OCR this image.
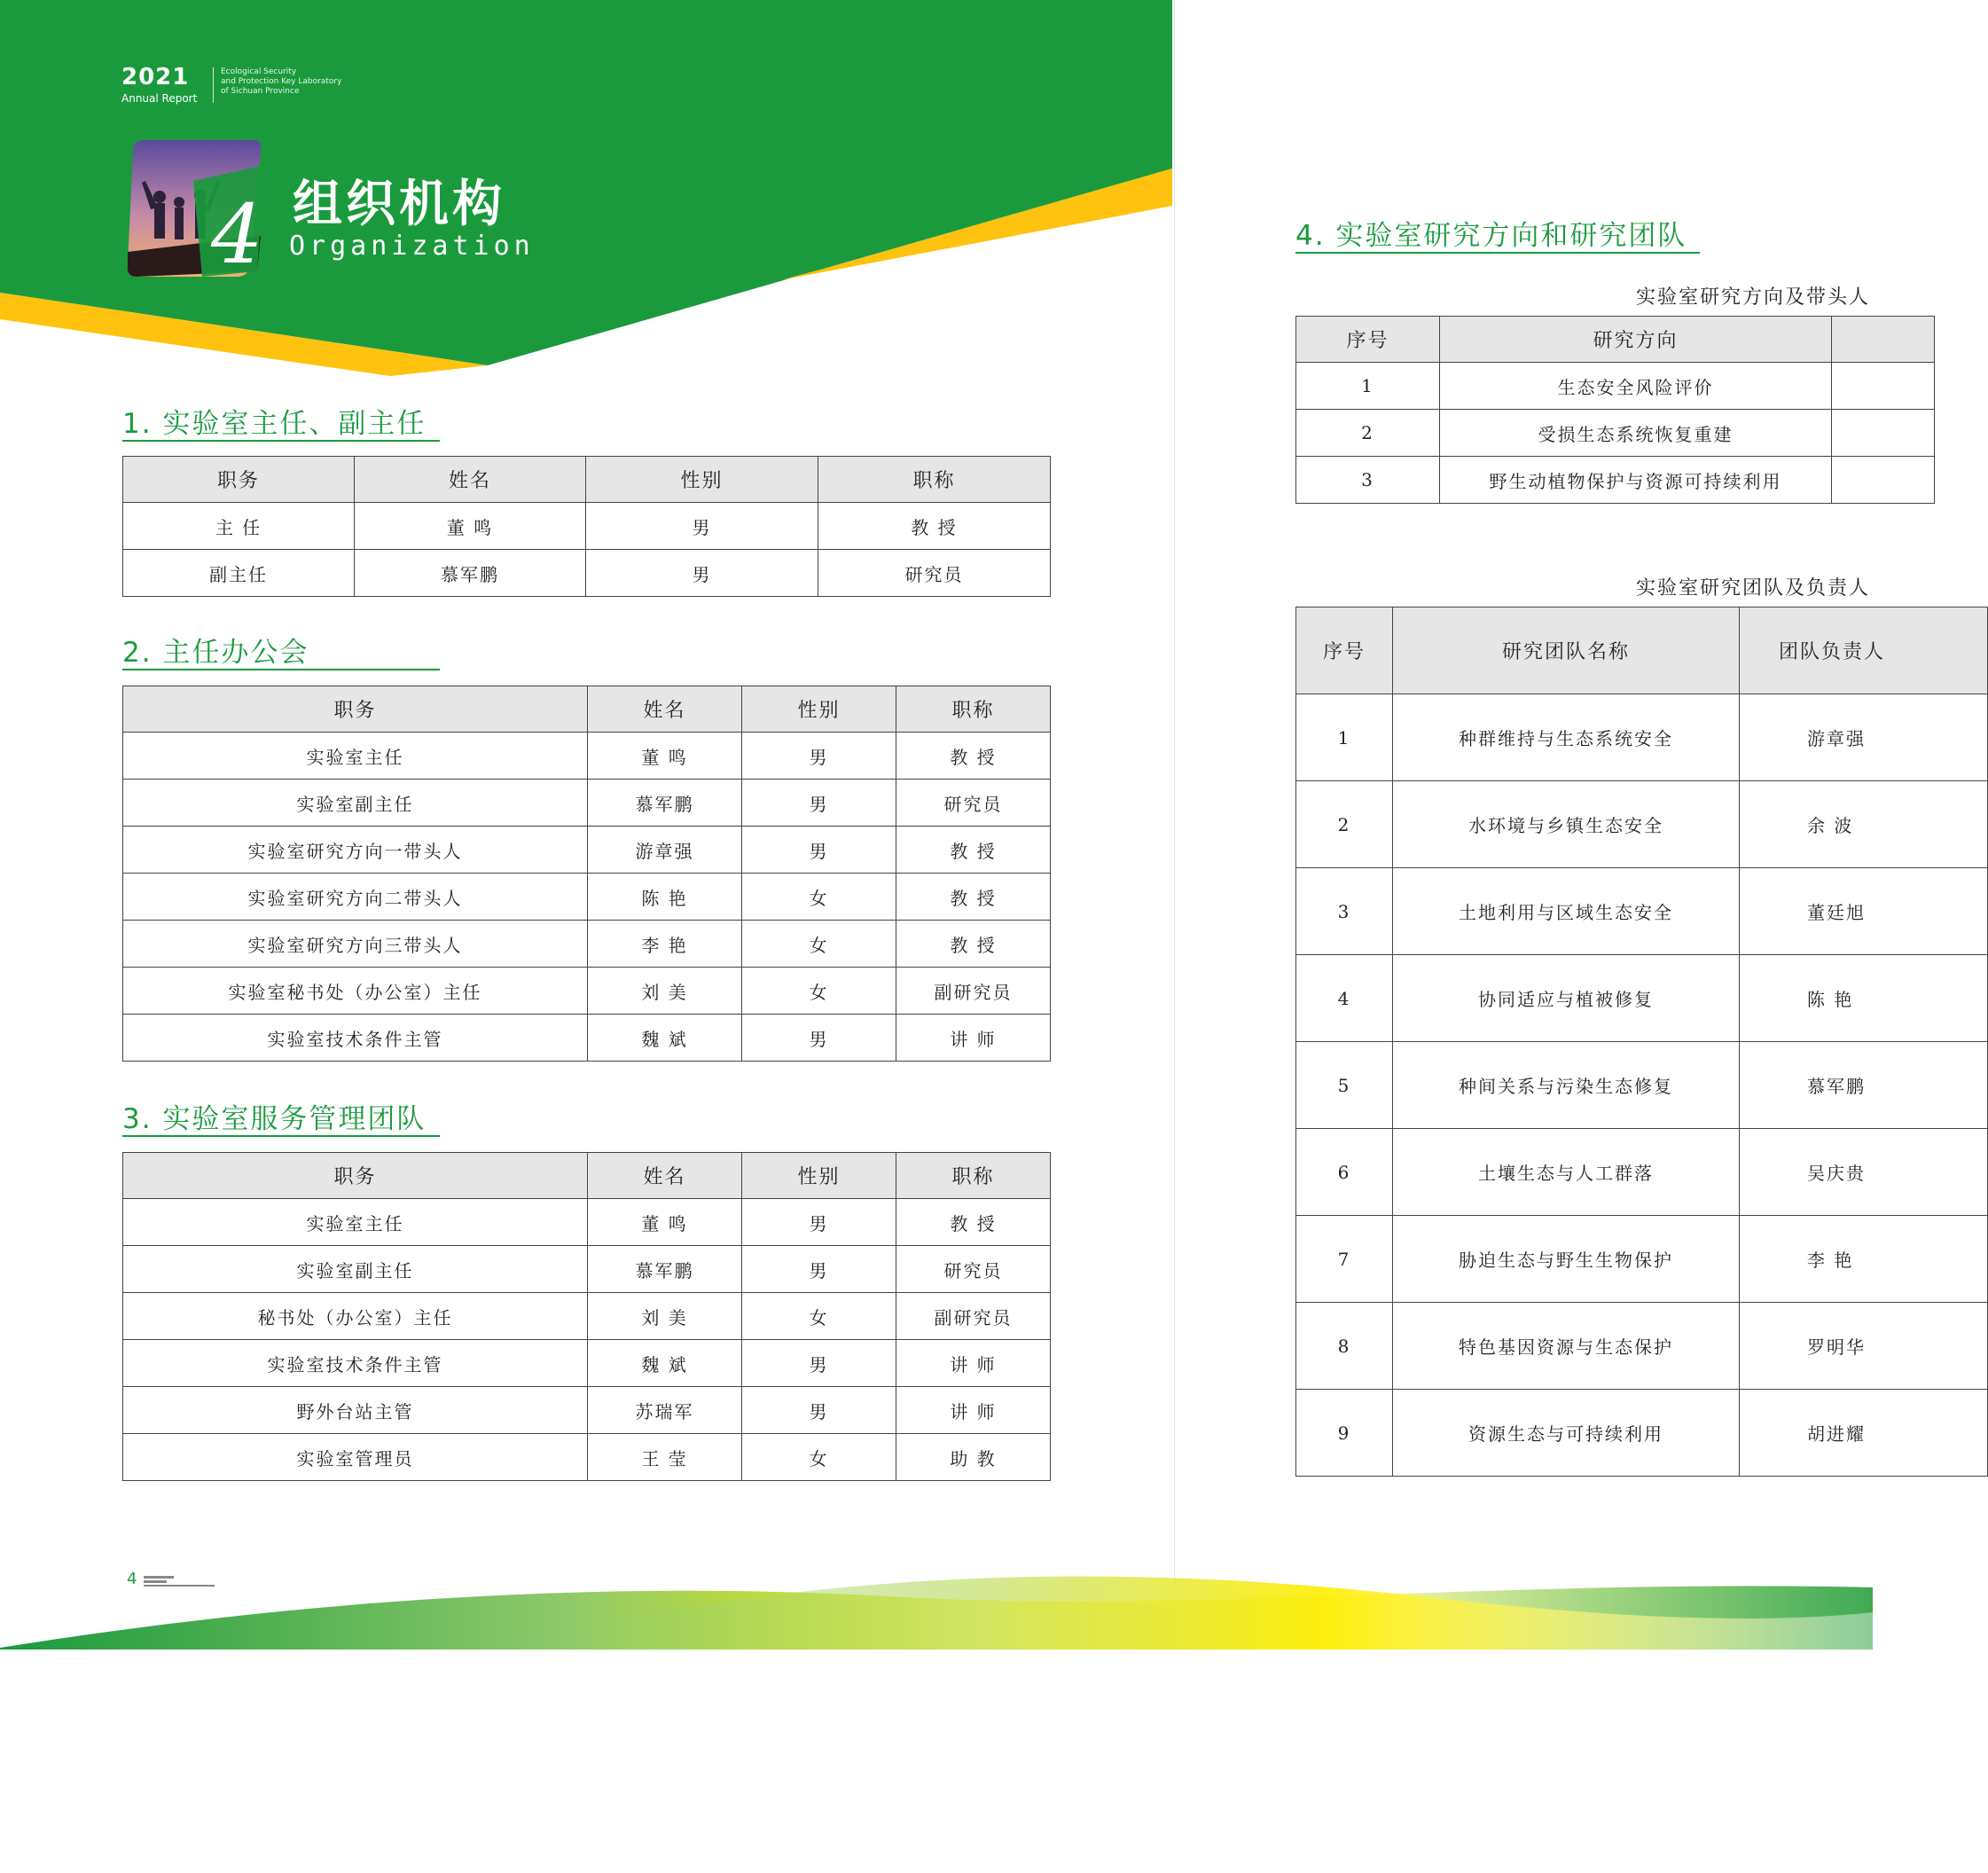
2021
Annual Report
Ecological Security
and Protection Key Laboratory
of Sichuan Province
4 组织机构
Organization
1. 实验室主任、副主任
职务	姓名	性别	职称
主 任	董 鸣	男	教 授
副主任	慕军鹏	男	研究员
2. 主任办公会
职务	姓名	性别	职称
实验室主任	董 鸣	男	教 授
实验室副主任	慕军鹏	男	研究员
实验室研究方向一带头人	游章强	男	教 授
实验室研究方向二带头人	陈 艳	女	教 授
实验室研究方向三带头人	李 艳	女	教 授
实验室秘书处（办公室）主任	刘 美	女	副研究员
实验室技术条件主管	魏 斌	男	讲 师
3. 实验室服务管理团队
职务	姓名	性别	职称
实验室主任	董 鸣	男	教 授
实验室副主任	慕军鹏	男	研究员
秘书处（办公室）主任	刘 美	女	副研究员
实验室技术条件主管	魏 斌	男	讲 师
野外台站主管	苏瑞军	男	讲 师
实验室管理员	王 莹	女	助 教
4
4. 实验室研究方向和研究团队
实验室研究方向及带头人
序号	研究方向	
1	生态安全风险评价	
2	受损生态系统恢复重建	
3	野生动植物保护与资源可持续利用	
实验室研究团队及负责人
序号	研究团队名称	团队负责人
1	种群维持与生态系统安全	游章强
2	水环境与乡镇生态安全	余 波
3	土地利用与区域生态安全	董廷旭
4	协同适应与植被修复	陈 艳
5	种间关系与污染生态修复	慕军鹏
6	土壤生态与人工群落	吴庆贵
7	胁迫生态与野生生物保护	李 艳
8	特色基因资源与生态保护	罗明华
9	资源生态与可持续利用	胡进耀
